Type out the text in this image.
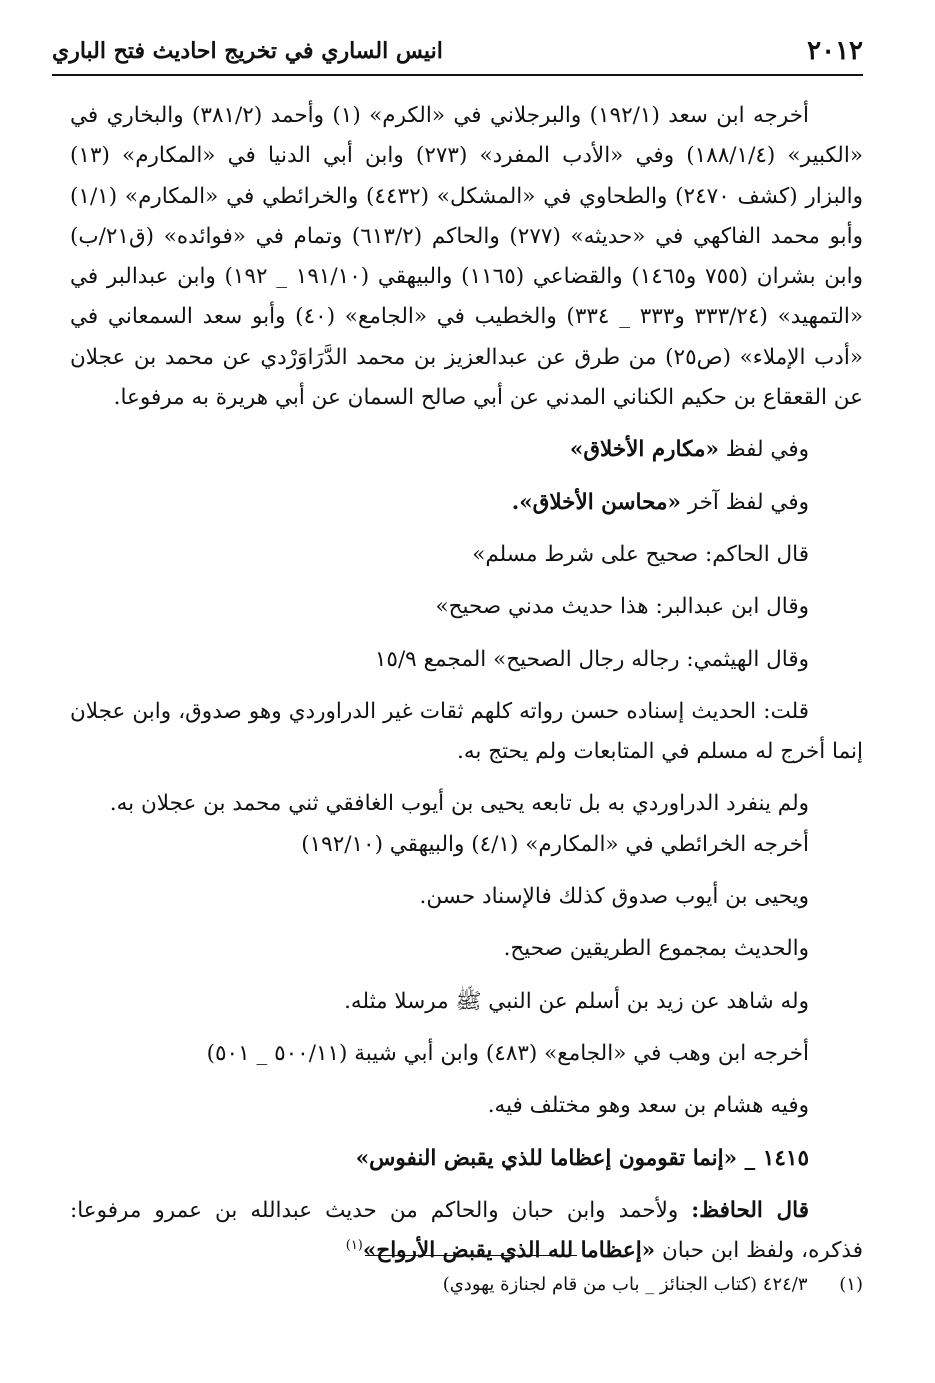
٢٠١٢
انيس الساري في تخريج احاديث فتح الباري

أخرجه ابن سعد (١٩٢/١) والبرجلاني في «الكرم» (١) وأحمد (٣٨١/٢) والبخاري في «الكبير» (١٨٨/١/٤) وفي «الأدب المفرد» (٢٧٣) وابن أبي الدنيا في «المكارم» (١٣) والبزار (كشف ٢٤٧٠) والطحاوي في «المشكل» (٤٤٣٢) والخرائطي في «المكارم» (١/١) وأبو محمد الفاكهي في «حديثه» (٢٧٧) والحاكم (٦١٣/٢) وتمام في «فوائده» (ق٢١/ب) وابن بشران (٧٥٥ و١٤٦٥) والقضاعي (١١٦٥) والبيهقي (١٩١/١٠ _ ١٩٢) وابن عبدالبر في «التمهيد» (٣٣٣/٢٤ و٣٣٣ _ ٣٣٤) والخطيب في «الجامع» (٤٠) وأبو سعد السمعاني في «أدب الإملاء» (ص٢٥) من طرق عن عبدالعزيز بن محمد الدَّرَاوَرْدي عن محمد بن عجلان عن القعقاع بن حكيم الكناني المدني عن أبي صالح السمان عن أبي هريرة به مرفوعا.

وفي لفظ «مكارم الأخلاق»

وفي لفظ آخر «محاسن الأخلاق».

قال الحاكم: صحيح على شرط مسلم»

وقال ابن عبدالبر: هذا حديث مدني صحيح»

وقال الهيثمي: رجاله رجال الصحيح» المجمع ١٥/٩

قلت: الحديث إسناده حسن رواته كلهم ثقات غير الدراوردي وهو صدوق، وابن عجلان إنما أخرج له مسلم في المتابعات ولم يحتج به.

ولم ينفرد الدراوردي به بل تابعه يحيى بن أيوب الغافقي ثني محمد بن عجلان به.

أخرجه الخرائطي في «المكارم» (٤/١) والبيهقي (١٩٢/١٠)

ويحيى بن أيوب صدوق كذلك فالإسناد حسن.

والحديث بمجموع الطريقين صحيح.

وله شاهد عن زيد بن أسلم عن النبي ﷺ مرسلا مثله.

أخرجه ابن وهب في «الجامع» (٤٨٣) وابن أبي شيبة (٥٠٠/١١ _ ٥٠١)

وفيه هشام بن سعد وهو مختلف فيه.

١٤١٥ _ «إنما تقومون إعظاما للذي يقبض النفوس»

قال الحافظ: ولأحمد وابن حبان والحاكم من حديث عبدالله بن عمرو مرفوعا: فذكره، ولفظ ابن حبان «إعظاما لله الذي يقبض الأرواح»$^{(١)}$

(١) ٤٢٤/٣ (كتاب الجنائز _ باب من قام لجنازة يهودي)
